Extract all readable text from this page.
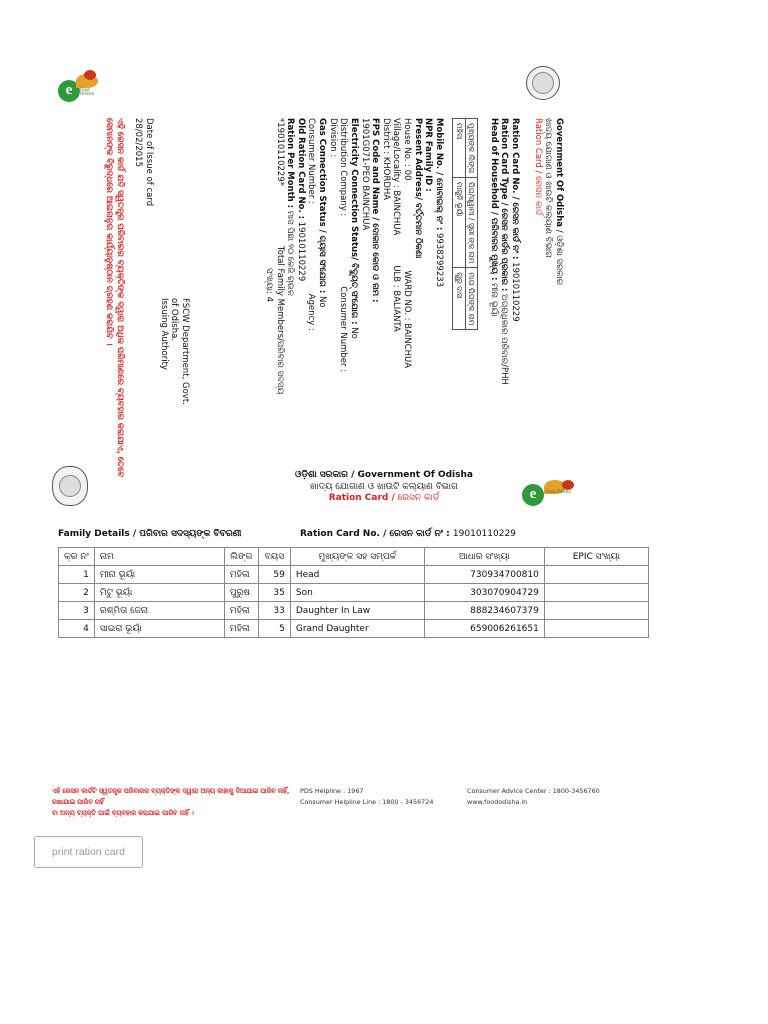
Government Of Odisha / ଓଡ଼ିଶା ସରକାର
ଖାଦ୍ୟ ଯୋଗାଣ ଓ ଖାଉଟି କଲ୍ୟାଣ ବିଭାଗ
Ration Card / ରେସନ କାର୍ଡ
Ration Card No. / ରେସନ କାର୍ଡ ନଂ : 19010110229
Ration Card Type / ରେସନ କାର୍ଡର ପ୍ରକାର : ଅଗ୍ରାଧିକାର ପରିବାର/PHH
Head of Household / ପରିବାରର ମୁଖ୍ୟ : ମୀନା ଭୂୟାଁ
ମୁଖ୍ୟଙ୍କ ଲିଙ୍ଗ	ପିତା/ସ୍ୱାମୀ / ସ୍ତ୍ରୀ ଙ୍କ ନାମ	ମାତା ପିତାଙ୍କ ନାମ
ମହିଳା	ମାଗୁନି ଭୂୟାଁ	ଗୁରୁ ଦାସ
Mobile No. / ମୋବାଇଲ୍ ନଂ : 9938299233
NPR Family ID :
Present Address/ ବର୍ତ୍ତମାନ ଠିକଣା
House No. : 00WARD NO. : BAINCHUA
Village/Locality : BAINCHUAULB : BALIANTA
District : KHORDHA
FPS Code and Name / ଦୋକାନ କୋଡ ଓ ନାମ :
1901G071-PEO BAINCHUA
Electricity Connection Status/ ବିଦ୍ୟୁତ୍ ସଂଯୋଗ : No
Distribution Company :Consumer Number :
Division :
Gas Connection Status / ଗ୍ୟାସ ସଂଯୋଗ : No
Consumer Number :Agency :
Old Ration Card No. : 19010110229
Ration Per Month : ମାସ ପିଛା ୨୦ କେଜି ଚାଉଳ
*19010110229*Total Family Members/ପରିବାର ସଦସ୍ୟ
ସଂଖ୍ୟା: 4
FSCW Department, Govt.
of Odisha.
Issuing Authority
Date of Issue of card
28/02/2015
ଏହି ରେସନ କାର୍ଡ ଯଦି ସ୍ୱତନ୍ତ୍ର ପରିବାରର ବ୍ୟକ୍ତିଙ୍କ ଦ୍ୱାରା ଅଧିକ ପରିମାଣରେ ବ୍ୟବହାର କରାଯାଏ, ତେବେ
ସେମାନଙ୍କ ବିରୁଦ୍ଧରେ ଆଇନାନୁଗ କାର୍ଯ୍ୟାନୁଷ୍ଠାନ ଗ୍ରହଣ କରାଯିବ ।
e	Food Odisha
ଓଡ଼ିଶା ସରକାର / Government Of Odisha
ଖାଦ୍ୟ ଯୋଗାଣ ଓ ଖାଉଟି କଲ୍ୟାଣ ବିଭାଗ
Ration Card / ରେସନ କାର୍ଡ	e	Food Odisha
Family Details / ପରିବାର ସଦସ୍ୟଙ୍କ ବିବରଣୀ	Ration Card No. / ରେସନ କାର୍ଡ ନଂ : 19010110229
କ୍ର ନଂ	ନାମ	ଲିଙ୍ଗ	ବୟସ	ମୁଖ୍ୟଙ୍କ ସହ ସମ୍ପର୍କ	ଆଧାର ସଂଖ୍ୟା	EPIC ସଂଖ୍ୟା
1	ମୀନା ଭୂୟାଁ	ମହିଳା	59	Head	730934700810	
2	ମିଟୁ ଭୂୟାଁ	ପୁରୁଷ	35	Son	303070904729	
3	ରଶ୍ମିତା ଜେନା	ମହିଳା	33	Daughter In Law	888234607379	
4	ସାଇରା ଭୂୟାଁ	ମହିଳା	5	Grand Daughter	659006261651	
ଏହି ରେସନ କାର୍ଡଟି ସ୍ୱତନ୍ତ୍ର ପରିବାରର ବ୍ୟକ୍ତିଙ୍କ ଦ୍ୱାରା ଅନ୍ୟ କାହାକୁ ଦିଆଯାଇ ପାରିବ ନାହିଁ, ରଖାଯାଇ ପାରିବ ନାହିଁ
ବା ଅନ୍ୟ ବ୍ୟକ୍ତି ପାଇଁ ବ୍ୟବହାର କରାଯାଇ ପାରିବ ନାହିଁ ।
PDS Helpline : 1967
Consumer Helpline Line : 1800 - 3456724
Consumer Advice Center : 1800-3456760
www.foododisha.in
print ration card
